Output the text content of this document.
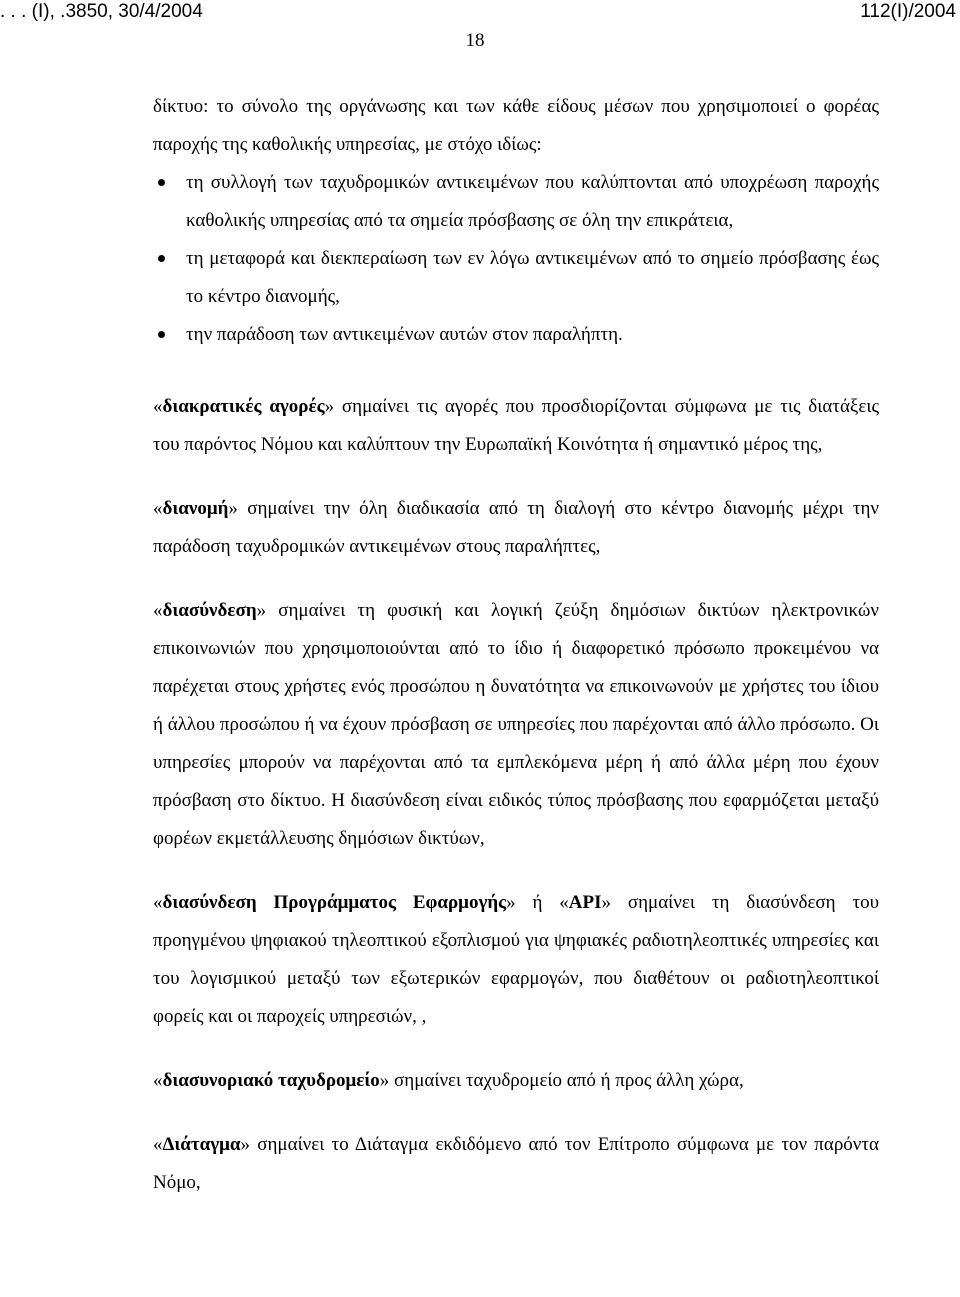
. . . (Ι), .3850, 30/4/2004	112(Ι)/2004
18

δίκτυο: το σύνολο της οργάνωσης και των κάθε είδους μέσων που χρησιμοποιεί ο φορέας παροχής της καθολικής υπηρεσίας, με στόχο ιδίως:

τη συλλογή των ταχυδρομικών αντικειμένων που καλύπτονται από υποχρέωση παροχής καθολικής υπηρεσίας από τα σημεία πρόσβασης σε όλη την επικράτεια,
τη μεταφορά και διεκπεραίωση των εν λόγω αντικειμένων από το σημείο πρόσβασης έως το κέντρο διανομής,
την παράδοση των αντικειμένων αυτών στον παραλήπτη.

«διακρατικές αγορές» σημαίνει τις αγορές που προσδιορίζονται σύμφωνα με τις διατάξεις του παρόντος Νόμου και καλύπτουν την Ευρωπαϊκή Κοινότητα ή σημαντικό μέρος της,

«διανομή» σημαίνει την όλη διαδικασία από τη διαλογή στο κέντρο διανομής μέχρι την παράδοση ταχυδρομικών αντικειμένων στους παραλήπτες,

«διασύνδεση» σημαίνει τη φυσική και λογική ζεύξη δημόσιων δικτύων ηλεκτρονικών επικοινωνιών που χρησιμοποιούνται από το ίδιο ή διαφορετικό πρόσωπο προκειμένου να παρέχεται στους χρήστες ενός προσώπου η δυνατότητα να επικοινωνούν με χρήστες του ίδιου ή άλλου προσώπου ή να έχουν πρόσβαση σε υπηρεσίες που παρέχονται από άλλο πρόσωπο. Οι υπηρεσίες μπορούν να παρέχονται από τα εμπλεκόμενα μέρη ή από άλλα μέρη που έχουν πρόσβαση στο δίκτυο. Η διασύνδεση είναι ειδικός τύπος πρόσβασης που εφαρμόζεται μεταξύ φορέων εκμετάλλευσης δημόσιων δικτύων,

«διασύνδεση Προγράμματος Εφαρμογής» ή «API» σημαίνει τη διασύνδεση του προηγμένου ψηφιακού τηλεοπτικού εξοπλισμού για ψηφιακές ραδιοτηλεοπτικές υπηρεσίες και του λογισμικού μεταξύ των εξωτερικών εφαρμογών, που διαθέτουν οι ραδιοτηλεοπτικοί φορείς και οι παροχείς υπηρεσιών, ,

«διασυνοριακό ταχυδρομείο» σημαίνει ταχυδρομείο από ή προς άλλη χώρα,

«Διάταγμα» σημαίνει το Διάταγμα εκδιδόμενο από τον Επίτροπο σύμφωνα με τον παρόντα Νόμο,
